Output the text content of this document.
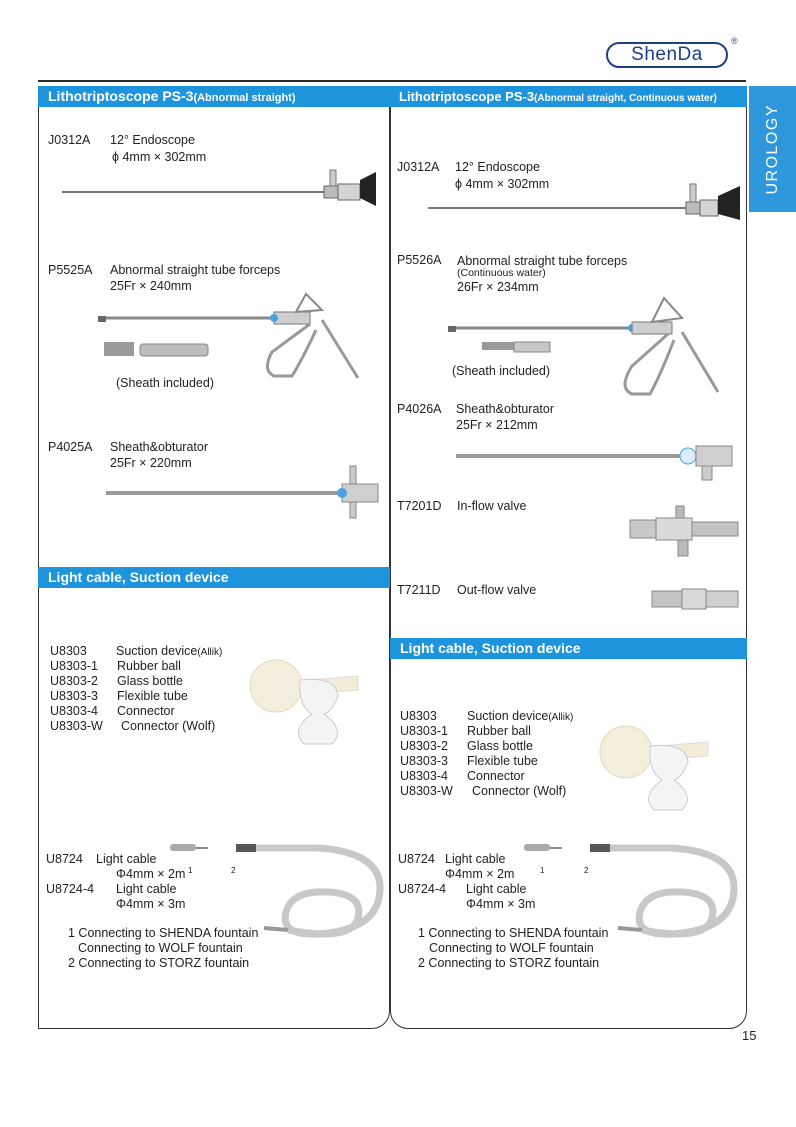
ShenDa
®
UROLOGY
Lithotriptoscope PS-3(Abnormal straight)
J0312A 12° Endoscope
ϕ 4mm × 302mm
P5525A Abnormal straight tube forceps
25Fr × 240mm
(Sheath included)
P4025A Sheath&obturator
25Fr × 220mm
Light cable, Suction device
U8303 Suction device(Allik)
U8303-1 Rubber ball
U8303-2 Glass bottle
U8303-3 Flexible tube
U8303-4 Connector
U8303-W Connector (Wolf)
U8724 Light cable
Φ4mm × 2m
U8724-4 Light cable
Φ4mm × 3m
1 Connecting to SHENDA fountain
Connecting to WOLF fountain
2 Connecting to STORZ fountain
1	2
Lithotriptoscope PS-3(Abnormal straight, Continuous water)
J0312A 12° Endoscope
ϕ 4mm × 302mm
P5526A Abnormal straight tube forceps
(Continuous water)
26Fr × 234mm
(Sheath included)
P4026A Sheath&obturator
25Fr × 212mm
T7201D In-flow valve
T7211D Out-flow valve
Light cable, Suction device
U8303 Suction device(Allik)
U8303-1 Rubber ball
U8303-2 Glass bottle
U8303-3 Flexible tube
U8303-4 Connector
U8303-W Connector (Wolf)
U8724 Light cable
Φ4mm × 2m
U8724-4 Light cable
Φ4mm × 3m
1 Connecting to SHENDA fountain
Connecting to WOLF fountain
2 Connecting to STORZ fountain
1	2
15
